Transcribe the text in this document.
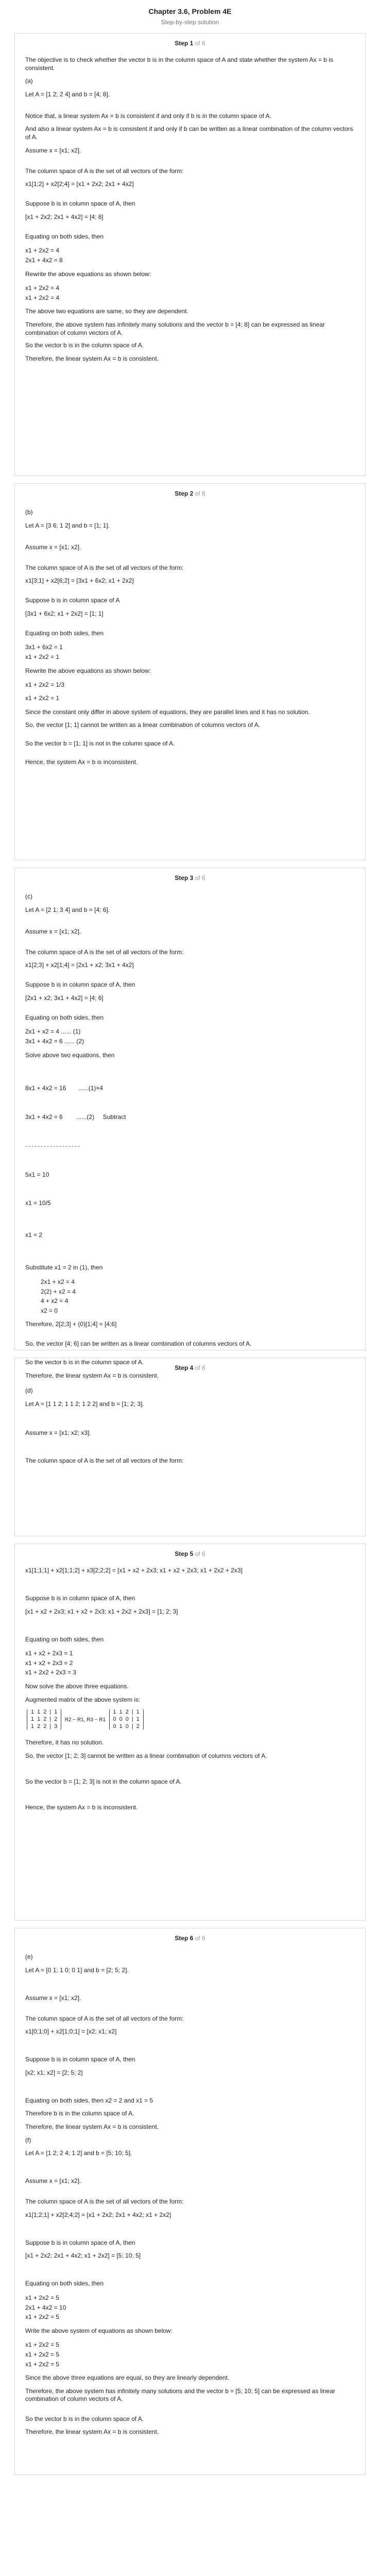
Chapter 3.6, Problem 4E
Step-by-step solution
Step 1 of 6
The objective is to check whether the vector b is in the column space of A and state whether the system Ax = b is consistent.
(a)
Let A = [1 2; 2 4] and b = [4; 8].
Notice that, a linear system Ax = b is consistent if and only if b is in the column space of A.
And also a linear system Ax = b is consistent if and only if b can be written as a linear combination of the column vectors of A.
Assume x = [x1; x2].
The column space of A is the set of all vectors of the form:
x1[1;2] + x2[2;4] = [x1 + 2x2; 2x1 + 4x2]
Suppose b is in column space of A, then
[x1 + 2x2; 2x1 + 4x2] = [4; 8]
Equating on both sides, then
x1 + 2x2 = 4
2x1 + 4x2 = 8
Rewrite the above equations as shown below:
x1 + 2x2 = 4
x1 + 2x2 = 4
The above two equations are same, so they are dependent.
Therefore, the above system has infinitely many solutions and the vector b = [4; 8] can be expressed as linear combination of column vectors of A.
So the vector b is in the column space of A.
Therefore, the linear system Ax = b is consistent.
Step 2 of 6
(b)
Let A = [3 6; 1 2] and b = [1; 1].
Assume x = [x1; x2].
The column space of A is the set of all vectors of the form:
x1[3;1] + x2[6;2] = [3x1 + 6x2; x1 + 2x2]
Suppose b is in column space of A
[3x1 + 6x2; x1 + 2x2] = [1; 1]
Equating on both sides, then
3x1 + 6x2 = 1
x1 + 2x2 = 1
Rewrite the above equations as shown below:
x1 + 2x2 = 1/3
x1 + 2x2 = 1
Since the constant only differ in above system of equations, they are parallel lines and it has no solution.
So, the vector [1; 1] cannot be written as a linear combination of columns vectors of A.
So the vector b = [1; 1] is not in the column space of A.
Hence, the system Ax = b is inconsistent.
Step 3 of 6
(c)
Let A = [2 1; 3 4] and b = [4; 6].
Assume x = [x1; x2].
The column space of A is the set of all vectors of the form:
x1[2;3] + x2[1;4] = [2x1 + x2; 3x1 + 4x2]
Suppose b is in column space of A, then
[2x1 + x2; 3x1 + 4x2] = [4; 6]
Equating on both sides, then
2x1 + x2 = 4 ...... (1)
3x1 + 4x2 = 6 ...... (2)
Solve above two equations, then

8x1 + 4x2 = 16       ......(1)×4

3x1 + 4x2 = 6        ......(2)     Subtract

------------------

5x1 = 10

x1 = 10/5

x1 = 2

Substitute x1 = 2 in (1), then
2x1 + x2 = 4
2(2) + x2 = 4
4 + x2 = 4
x2 = 0
Therefore, 2[2;3] + (0)[1;4] = [4;6]
So, the vector [4; 6] can be written as a linear combination of columns vectors of A.
So the vector b is in the column space of A.
Therefore, the linear system Ax = b is consistent.
Step 4 of 6
(d)
Let A = [1 1 2; 1 1 2; 1 2 2] and b = [1; 2; 3].
Assume x = [x1; x2; x3].
The column space of A is the set of all vectors of the form:
Step 5 of 6
x1[1;1;1] + x2[1;1;2] + x3[2;2;2] = [x1 + x2 + 2x3; x1 + x2 + 2x3; x1 + 2x2 + 2x3]
Suppose b is in column space of A, then
[x1 + x2 + 2x3; x1 + x2 + 2x3; x1 + 2x2 + 2x3] = [1; 2; 3]
Equating on both sides, then
x1 + x2 + 2x3 = 1
x1 + x2 + 2x3 = 2
x1 + 2x2 + 2x3 = 3
Now solve the above three equations.
Augmented matrix of the above system is:
1	1	2	|	1
1	1	2	|	2
1	2	2	|	3
R2 − R1, R3 − R1
1	1	2	|	1
0	0	0	|	1
0	1	0	|	2
Therefore, it has no solution.
So, the vector [1; 2; 3] cannot be written as a linear combination of columns vectors of A.
So the vector b = [1; 2; 3] is not in the column space of A.
Hence, the system Ax = b is inconsistent.
Step 6 of 6
(e)
Let A = [0 1; 1 0; 0 1] and b = [2; 5; 2].
Assume x = [x1; x2].
The column space of A is the set of all vectors of the form:
x1[0;1;0] + x2[1;0;1] = [x2; x1; x2]
Suppose b is in column space of A, then
[x2; x1; x2] = [2; 5; 2]
Equating on both sides, then x2 = 2 and x1 = 5
Therefore b is in the column space of A.
Therefore, the linear system Ax = b is consistent.
(f)
Let A = [1 2; 2 4; 1 2] and b = [5; 10; 5].
Assume x = [x1; x2].
The column space of A is the set of all vectors of the form:
x1[1;2;1] + x2[2;4;2] = [x1 + 2x2; 2x1 + 4x2; x1 + 2x2]
Suppose b is in column space of A, then
[x1 + 2x2; 2x1 + 4x2; x1 + 2x2] = [5; 10; 5]
Equating on both sides, then
x1 + 2x2 = 5
2x1 + 4x2 = 10
x1 + 2x2 = 5
Write the above system of equations as shown below:
x1 + 2x2 = 5
x1 + 2x2 = 5
x1 + 2x2 = 5
Since the above three equations are equal, so they are linearly dependent.
Therefore, the above system has infinitely many solutions and the vector b = [5; 10; 5] can be expressed as linear combination of column vectors of A.
So the vector b is in the column space of A.
Therefore, the linear system Ax = b is consistent.
